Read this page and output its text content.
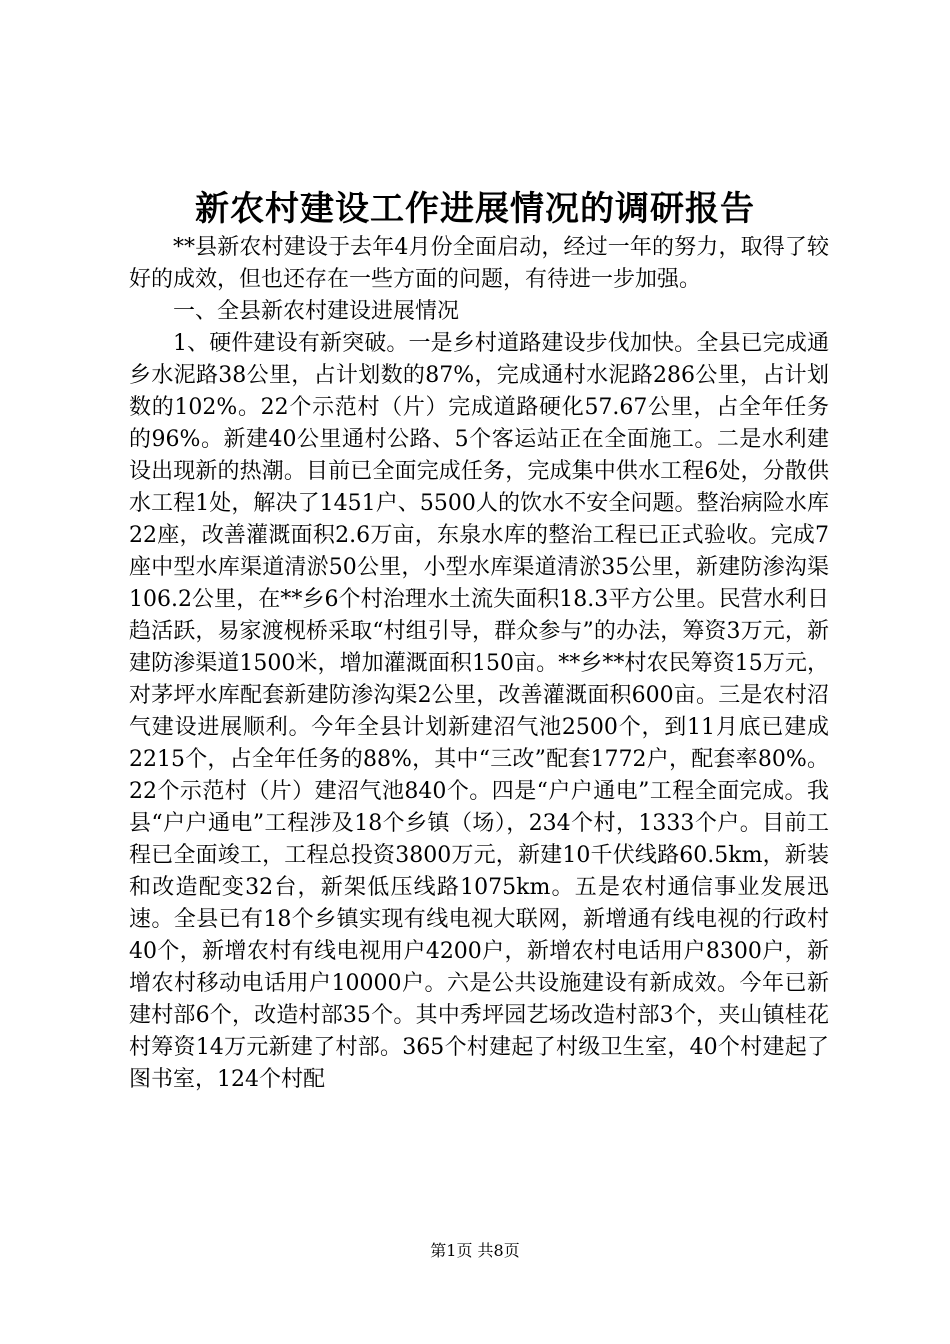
新农村建设工作进展情况的调研报告

**县新农村建设于去年4月份全面启动，经过一年的努力，取得了较好的成效，但也还存在一些方面的问题，有待进一步加强。

一、全县新农村建设进展情况

1、硬件建设有新突破。一是乡村道路建设步伐加快。全县已完成通乡水泥路38公里，占计划数的87%，完成通村水泥路286公里，占计划数的102%。22个示范村（片）完成道路硬化57.67公里，占全年任务的96%。新建40公里通村公路、5个客运站正在全面施工。二是水利建设出现新的热潮。目前已全面完成任务，完成集中供水工程6处，分散供水工程1处，解决了1451户、5500人的饮水不安全问题。整治病险水库22座，改善灌溉面积2.6万亩，东泉水库的整治工程已正式验收。完成7座中型水库渠道清淤50公里，小型水库渠道清淤35公里，新建防渗沟渠106.2公里，在**乡6个村治理水土流失面积18.3平方公里。民营水利日趋活跃，易家渡枧桥采取“村组引导，群众参与”的办法，筹资3万元，新建防渗渠道1500米，增加灌溉面积150亩。**乡**村农民筹资15万元，对茅坪水库配套新建防渗沟渠2公里，改善灌溉面积600亩。三是农村沼气建设进展顺利。今年全县计划新建沼气池2500个，到11月底已建成2215个，占全年任务的88%，其中“三改”配套1772户，配套率80%。22个示范村（片）建沼气池840个。四是“户户通电”工程全面完成。我县“户户通电”工程涉及18个乡镇（场），234个村，1333个户。目前工程已全面竣工，工程总投资3800万元，新建10千伏线路60.5km，新装和改造配变32台，新架低压线路1075km。五是农村通信事业发展迅速。全县已有18个乡镇实现有线电视大联网，新增通有线电视的行政村40个，新增农村有线电视用户4200户，新增农村电话用户8300户，新增农村移动电话用户10000户。六是公共设施建设有新成效。今年已新建村部6个，改造村部35个。其中秀坪园艺场改造村部3个，夹山镇桂花村筹资14万元新建了村部。365个村建起了村级卫生室，40个村建起了图书室，124个村配

第1页 共8页
